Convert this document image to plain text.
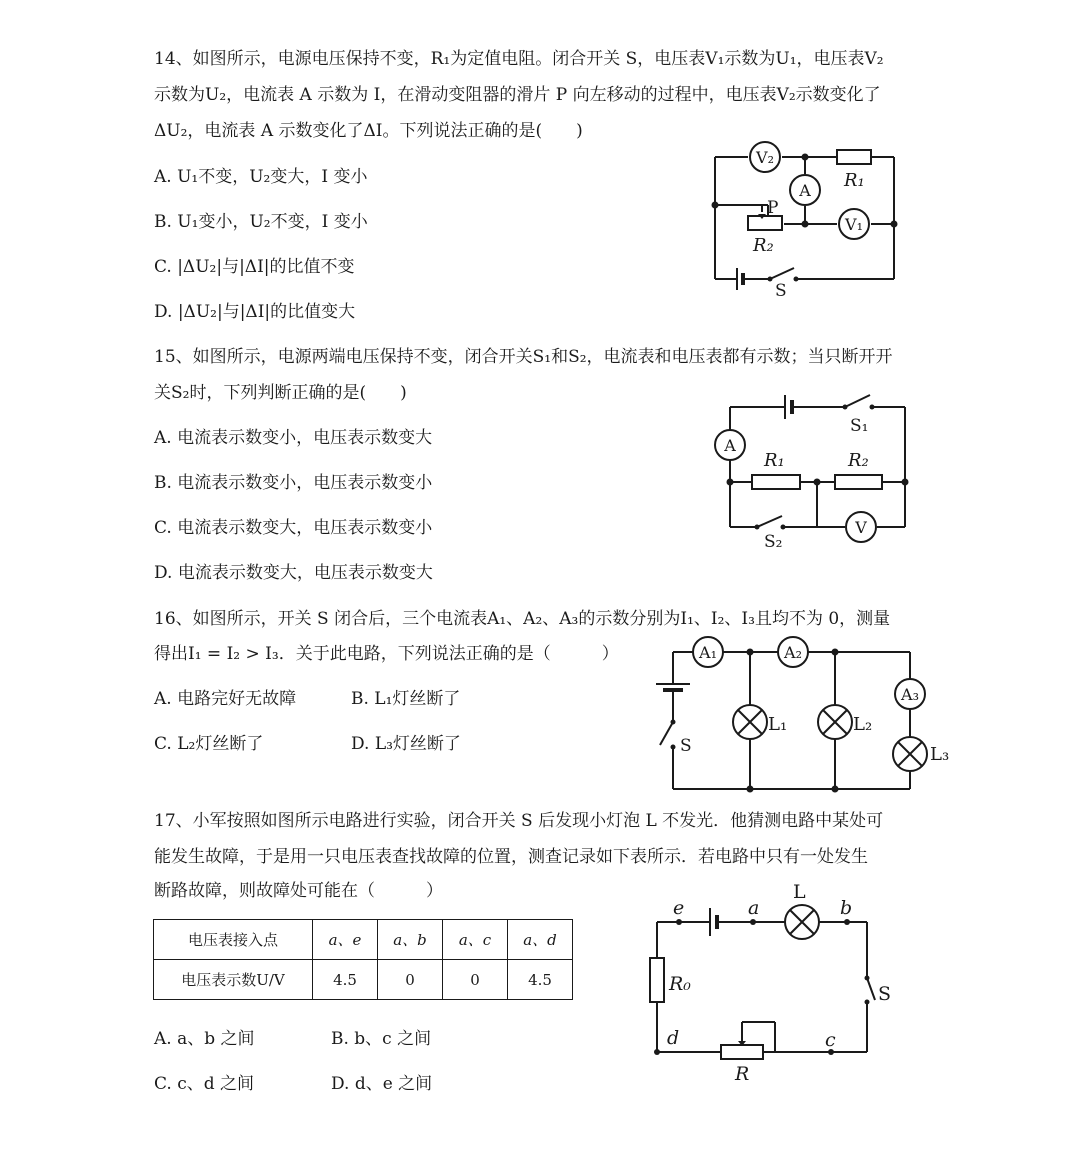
14、如图所示，电源电压保持不变，R₁为定值电阻。闭合开关 S，电压表V₁示数为U₁，电压表V₂
示数为U₂，电流表 A 示数为 I，在滑动变阻器的滑片 P 向左移动的过程中，电压表V₂示数变化了
ΔU₂，电流表 A 示数变化了ΔI。下列说法正确的是(　　)
A. U₁不变，U₂变大，I 变小
B. U₁变小，U₂不变，I 变小
C. |ΔU₂|与|ΔI|的比值不变
D. |ΔU₂|与|ΔI|的比值变大
V₂
A
V₁
R₁
R₂
P
S
15、如图所示，电源两端电压保持不变，闭合开关S₁和S₂，电流表和电压表都有示数；当只断开开
关S₂时，下列判断正确的是(　　)
A. 电流表示数变小，电压表示数变大
B. 电流表示数变小，电压表示数变小
C. 电流表示数变大，电压表示数变小
D. 电流表示数变大，电压表示数变大
A
V
S₁
R₁	R₂
S₂
16、如图所示，开关 S 闭合后，三个电流表A₁、A₂、A₃的示数分别为I₁、I₂、I₃且均不为 0，测量
得出I₁ = I₂ > I₃．关于此电路，下列说法正确的是（　　　）
A. 电路完好无故障	B. L₁灯丝断了
C. L₂灯丝断了	D. L₃灯丝断了
A₁	A₂
A₃
L₁	L₂
L₃
S
17、小军按照如图所示电路进行实验，闭合开关 S 后发现小灯泡 L 不发光．他猜测电路中某处可
能发生故障，于是用一只电压表查找故障的位置，测查记录如下表所示．若电路中只有一处发生
断路故障，则故障处可能在（　　　）
电压表接入点	a、e	a、b	a、c	a、d
电压表示数U/V	4.5	0	0	4.5
A. a、b 之间	B. b、c 之间
C. c、d 之间	D. d、e 之间
e	a
L
b
R₀	S
d	c
R
